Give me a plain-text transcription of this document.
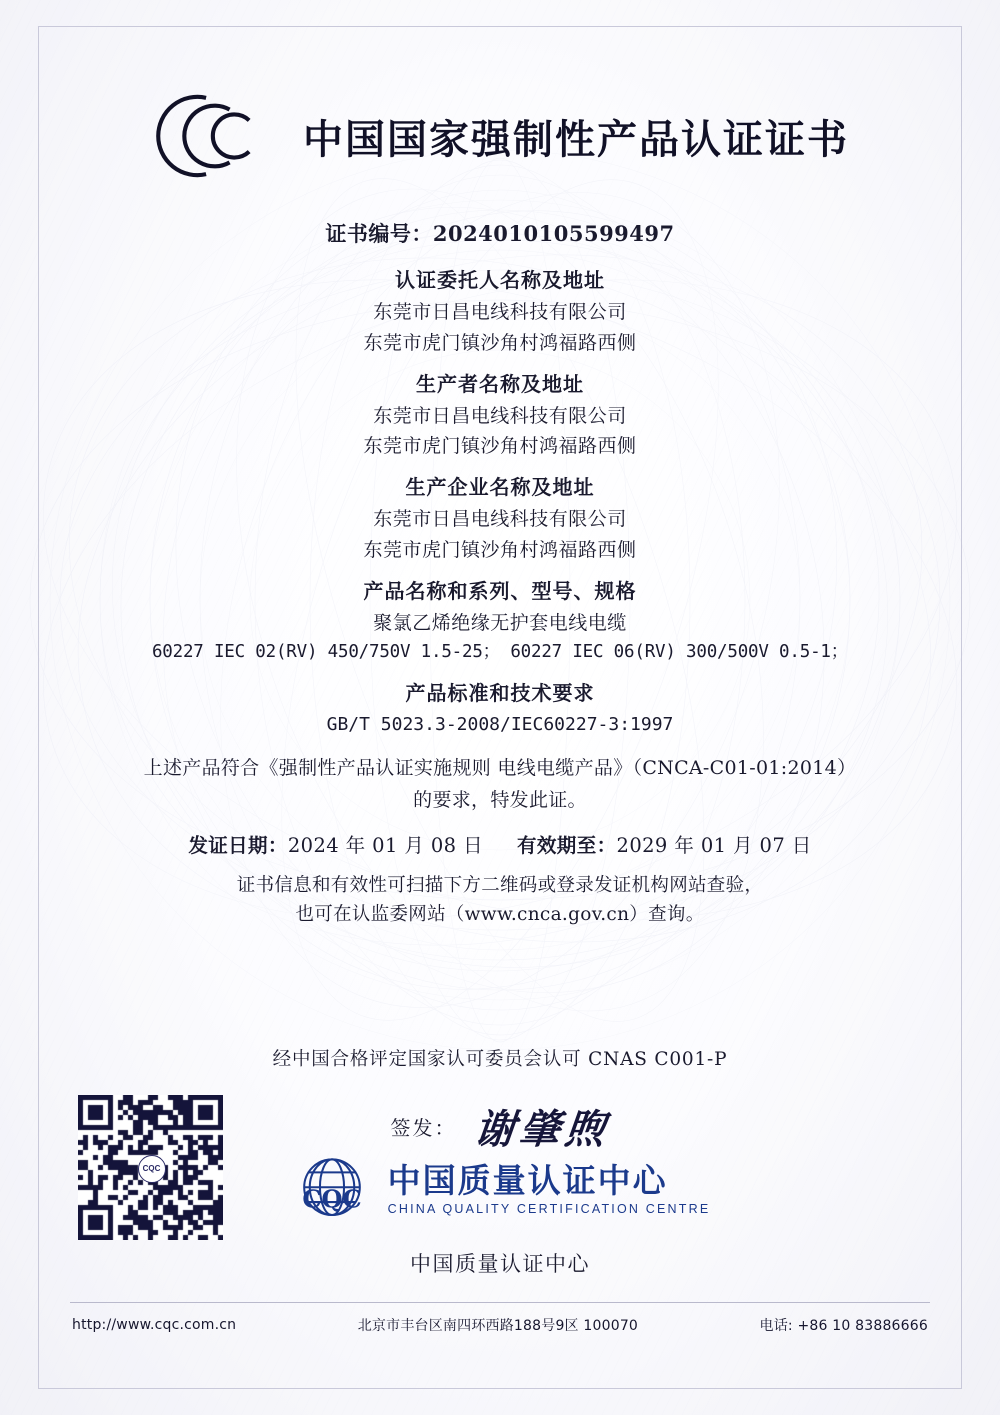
中国国家强制性产品认证证书
证书编号：2024010105599497
认证委托人名称及地址
东莞市日昌电线科技有限公司
东莞市虎门镇沙角村鸿福路西侧
生产者名称及地址
东莞市日昌电线科技有限公司
东莞市虎门镇沙角村鸿福路西侧
生产企业名称及地址
东莞市日昌电线科技有限公司
东莞市虎门镇沙角村鸿福路西侧
产品名称和系列、型号、规格
聚氯乙烯绝缘无护套电线电缆
60227 IEC 02(RV) 450/750V 1.5-25； 60227 IEC 06(RV) 300/500V 0.5-1；
产品标准和技术要求
GB/T 5023.3-2008/IEC60227-3:1997
上述产品符合《强制性产品认证实施规则 电线电缆产品》（CNCA-C01-01:2014）
的要求，特发此证。
发证日期：2024 年 01 月 08 日 有效期至：2029 年 01 月 07 日
证书信息和有效性可扫描下方二维码或登录发证机构网站查验，
也可在认监委网站（www.cnca.gov.cn）查询。
经中国合格评定国家认可委员会认可 CNAS C001-P
签发： 谢肇煦
CQC
CQC 中国质量认证中心
CHINA QUALITY CERTIFICATION CENTRE
中国质量认证中心
http://www.cqc.com.cn	北京市丰台区南四环西路188号9区 100070	电话: +86 10 83886666
